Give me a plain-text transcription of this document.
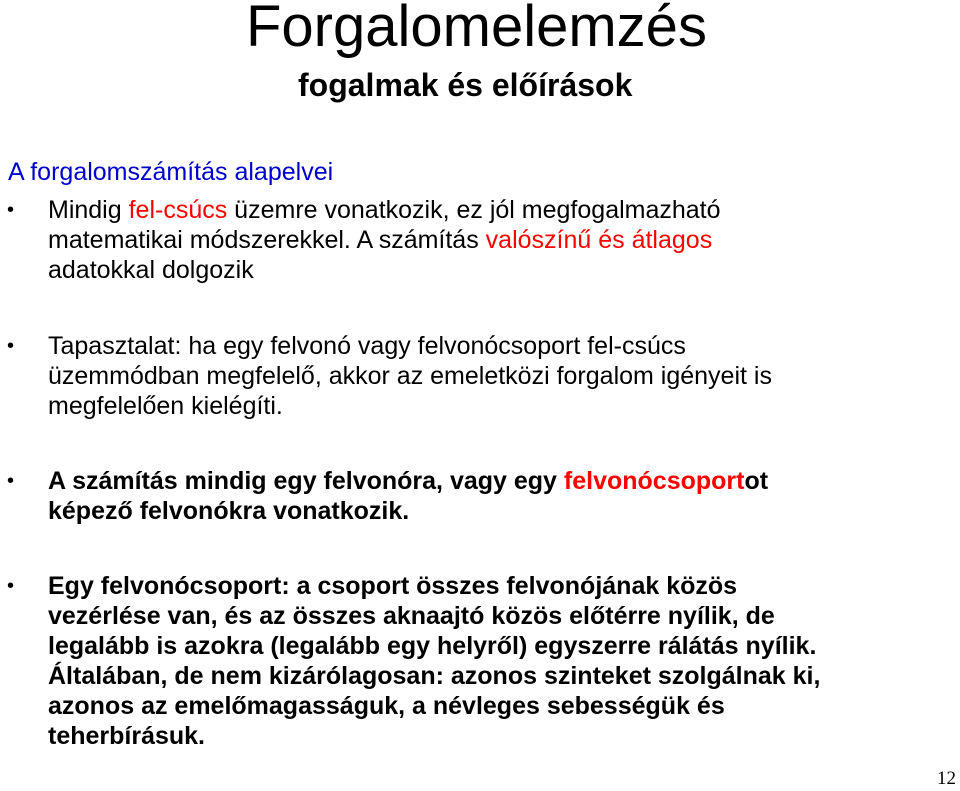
Forgalomelemzés
fogalmak és előírások

A forgalomszámítás alapelvei

• Mindig fel-csúcs üzemre vonatkozik, ez jól megfogalmazható
matematikai módszerekkel. A számítás valószínű és átlagos
adatokkal dolgozik

• Tapasztalat: ha egy felvonó vagy felvonócsoport fel-csúcs
üzemmódban megfelelő, akkor az emeletközi forgalom igényeit is
megfelelően kielégíti.

• A számítás mindig egy felvonóra, vagy egy felvonócsoportot
képező felvonókra vonatkozik.

• Egy felvonócsoport: a csoport összes felvonójának közös
vezérlése van, és az összes aknaajtó közös előtérre nyílik, de
legalább is azokra (legalább egy helyről) egyszerre rálátás nyílik.
Általában, de nem kizárólagosan: azonos szinteket szolgálnak ki,
azonos az emelőmagasságuk, a névleges sebességük és
teherbírásuk.

12
